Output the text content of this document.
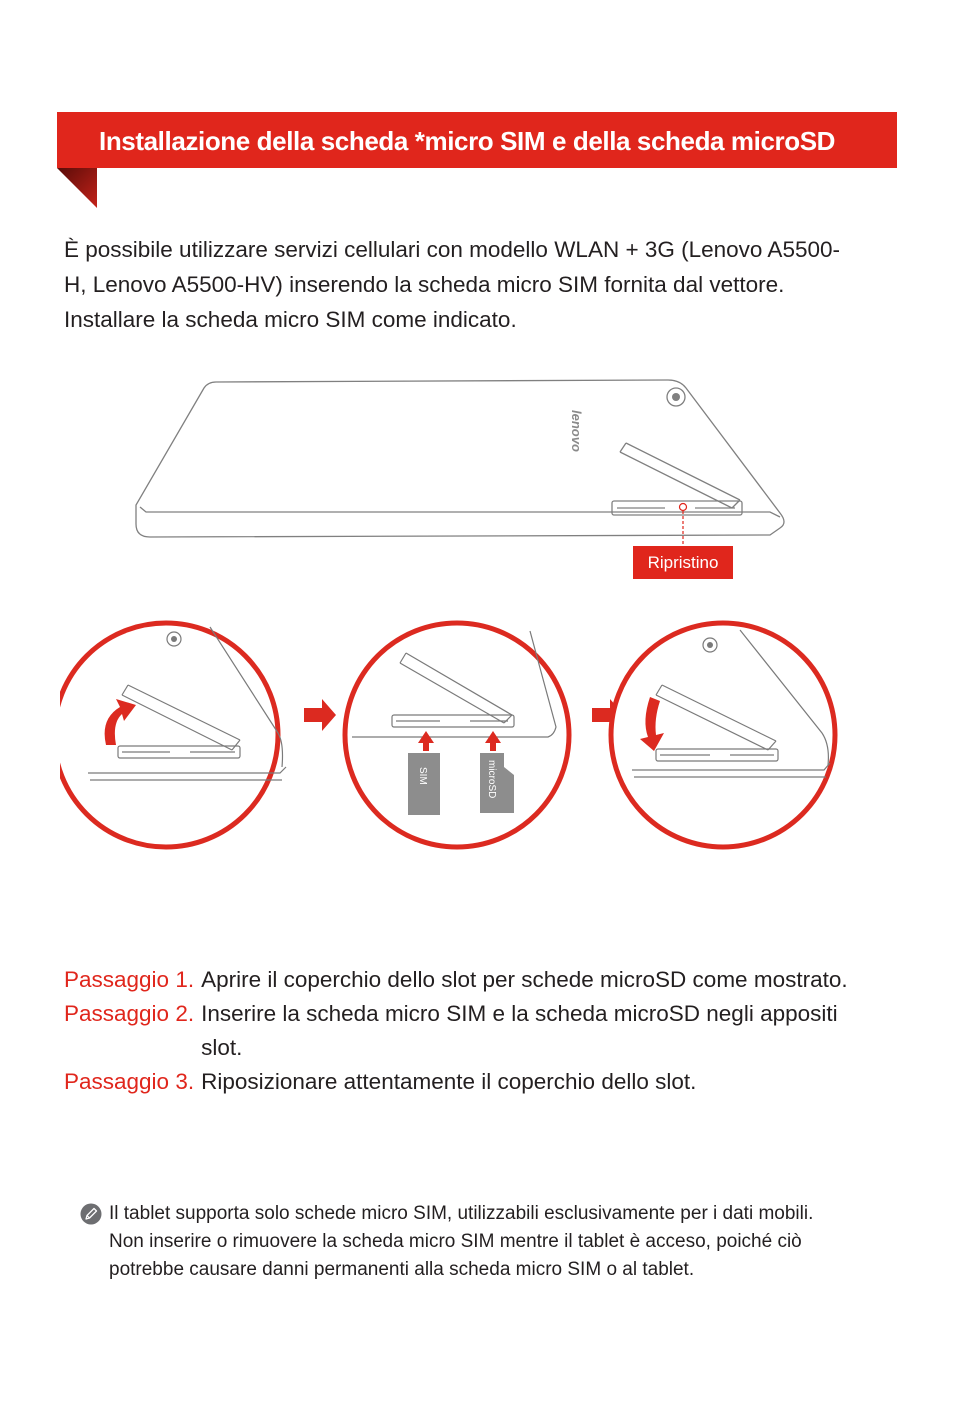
Installazione della scheda *micro SIM e della scheda microSD

È possibile utilizzare servizi cellulari con modello WLAN + 3G (Lenovo A5500-H, Lenovo A5500-HV) inserendo la scheda micro SIM fornita dal vettore. Installare la scheda micro SIM come indicato.

lenovo
Ripristino
SIM	microSD
Passaggio 1. Aprire il coperchio dello slot per schede microSD come mostrato.
Passaggio 2. Inserire la scheda micro SIM e la scheda microSD negli appositi slot.
Passaggio 3. Riposizionare attentamente il coperchio dello slot.

Il tablet supporta solo schede micro SIM, utilizzabili esclusivamente per i dati mobili.

Non inserire o rimuovere la scheda micro SIM mentre il tablet è acceso, poiché ciò potrebbe causare danni permanenti alla scheda micro SIM o al tablet.
